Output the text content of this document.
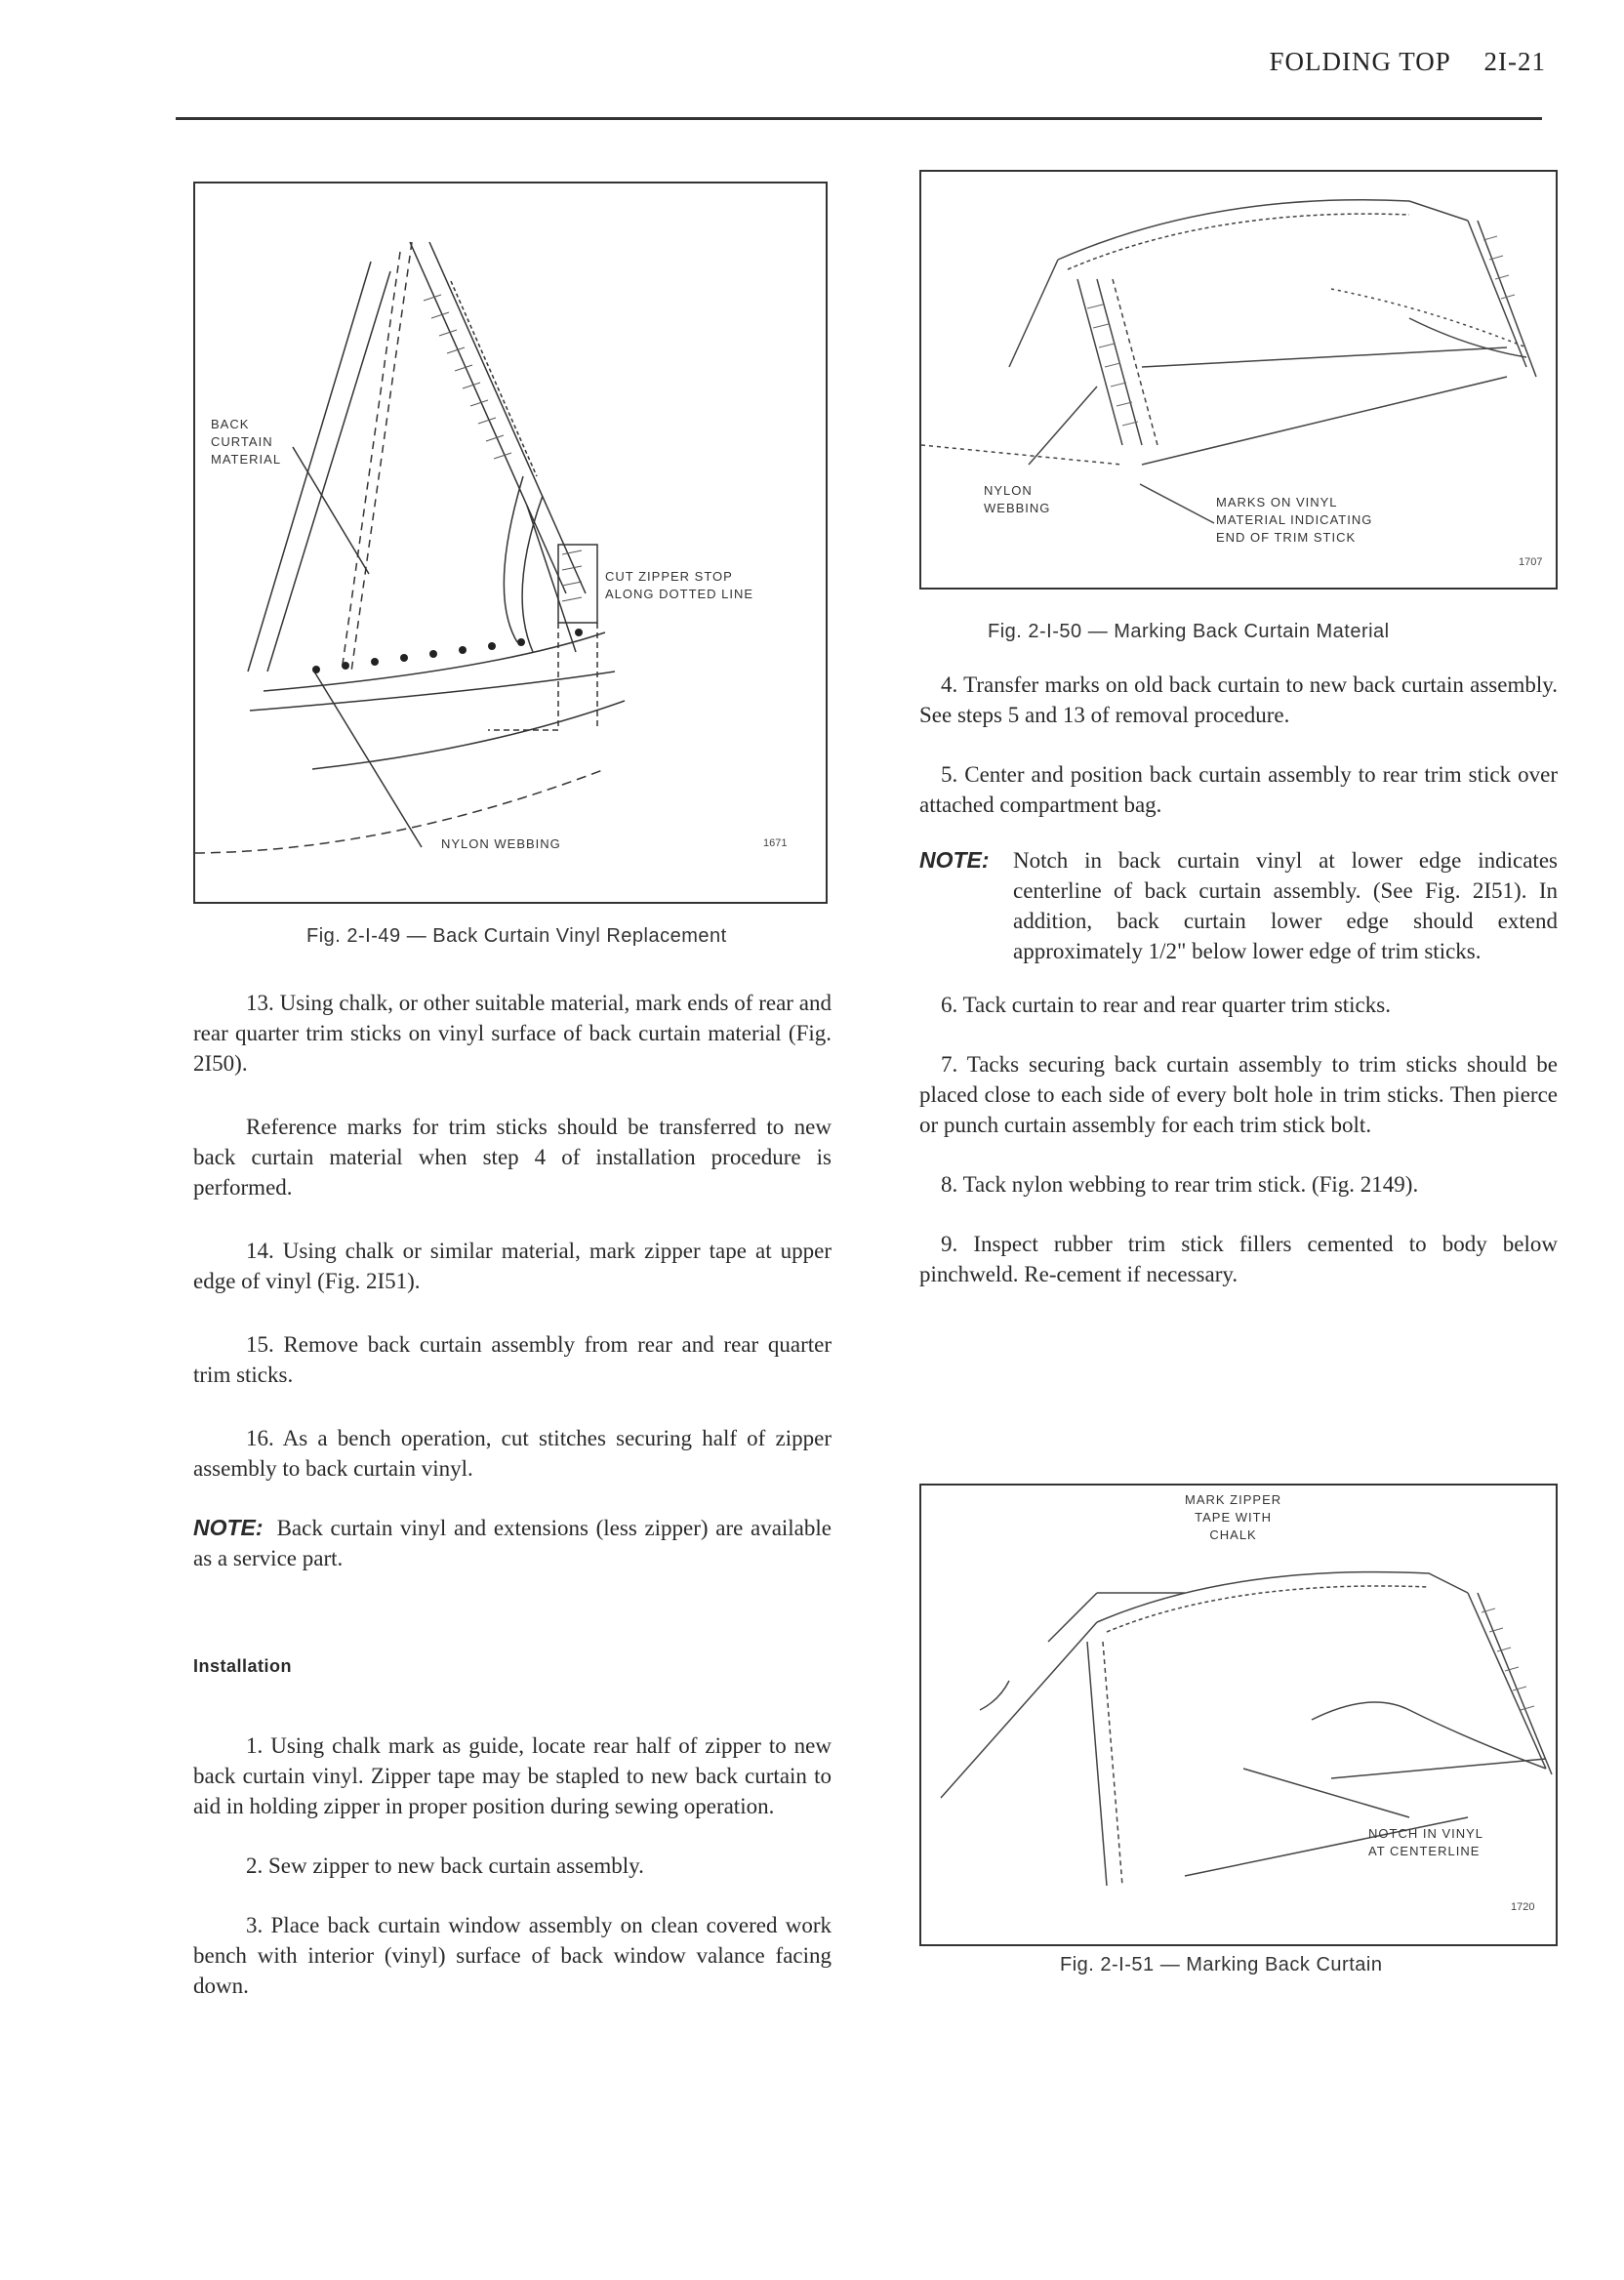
FOLDING TOP 2I-21
BACK
CURTAIN
MATERIAL
CUT ZIPPER STOP
ALONG DOTTED LINE
NYLON WEBBING	1671
Fig. 2-I-49 — Back Curtain Vinyl Replacement
NYLON
WEBBING	MARKS ON VINYL
MATERIAL INDICATING
END OF TRIM STICK
1707
Fig. 2-I-50 — Marking Back Curtain Material

13. Using chalk, or other suitable material, mark ends of rear and rear quarter trim sticks on vinyl surface of back curtain material (Fig. 2I50).

Reference marks for trim sticks should be transferred to new back curtain material when step 4 of installation procedure is performed.

14. Using chalk or similar material, mark zipper tape at upper edge of vinyl (Fig. 2I51).

15. Remove back curtain assembly from rear and rear quarter trim sticks.

16. As a bench operation, cut stitches securing half of zipper assembly to back curtain vinyl.

NOTE: Back curtain vinyl and extensions (less zipper) are available as a service part.

Installation

1. Using chalk mark as guide, locate rear half of zipper to new back curtain vinyl. Zipper tape may be stapled to new back curtain to aid in holding zipper in proper position during sewing operation.

2. Sew zipper to new back curtain assembly.

3. Place back curtain window assembly on clean covered work bench with interior (vinyl) surface of back window valance facing down.

4. Transfer marks on old back curtain to new back curtain assembly. See steps 5 and 13 of removal procedure.

5. Center and position back curtain assembly to rear trim stick over attached compartment bag.

NOTE:	Notch in back curtain vinyl at lower edge indicates centerline of back curtain assembly. (See Fig. 2I51). In addition, back curtain lower edge should extend approximately 1/2" below lower edge of trim sticks.

6. Tack curtain to rear and rear quarter trim sticks.

7. Tacks securing back curtain assembly to trim sticks should be placed close to each side of every bolt hole in trim sticks. Then pierce or punch curtain assembly for each trim stick bolt.

8. Tack nylon webbing to rear trim stick. (Fig. 2149).

9. Inspect rubber trim stick fillers cemented to body below pinchweld. Re-cement if necessary.

MARK ZIPPER
TAPE WITH
CHALK
NOTCH IN VINYL
AT CENTERLINE
1720
Fig. 2-I-51 — Marking Back Curtain
